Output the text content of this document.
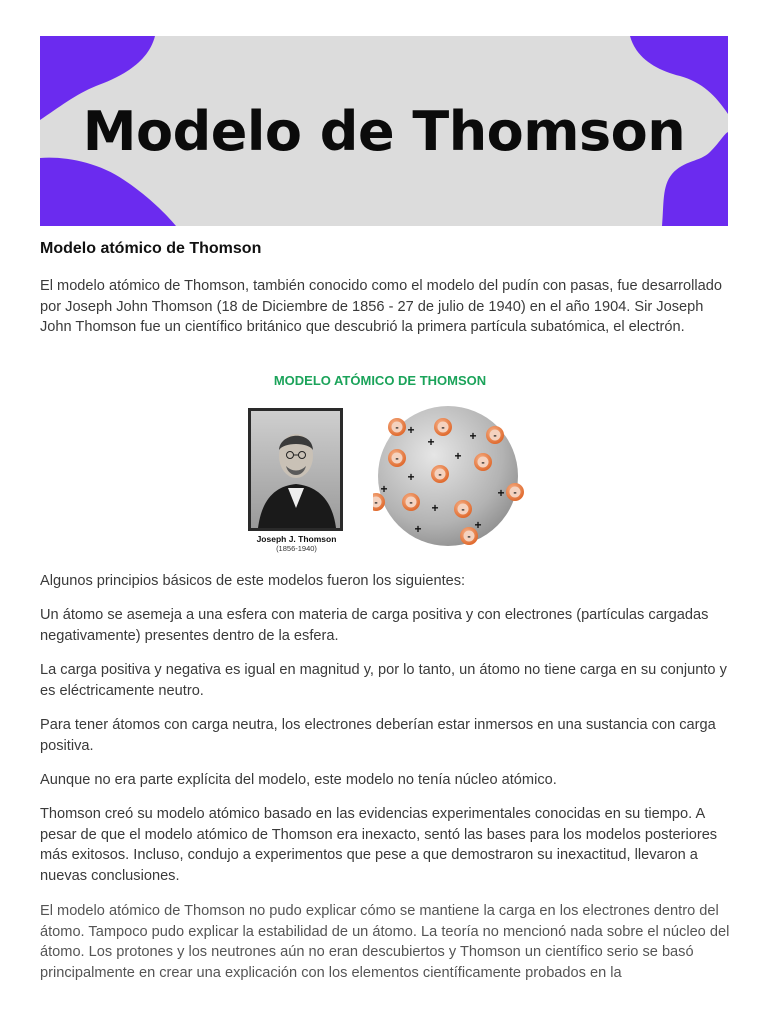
Modelo de Thomson
Modelo atómico de Thomson

El modelo atómico de Thomson, también conocido como el modelo del pudín con pasas, fue desarrollado por Joseph John Thomson (18 de Diciembre de 1856 - 27 de julio de 1940) en el año 1904. Sir Joseph John Thomson fue un científico británico que descubrió la primera partícula subatómica, el electrón.

MODELO ATÓMICO DE THOMSON
Joseph J. Thomson
(1856-1940)
-	-
-
-
-
-
-
-
-
-
-
+	+
+
+
+
+	+
+
+	+

Algunos principios básicos de este modelos fueron los siguientes:

Un átomo se asemeja a una esfera con materia de carga positiva y con electrones (partículas cargadas negativamente) presentes dentro de la esfera.

La carga positiva y negativa es igual en magnitud y, por lo tanto, un átomo no tiene carga en su conjunto y es eléctricamente neutro.

Para tener átomos con carga neutra, los electrones deberían estar inmersos en una sustancia con carga positiva.

Aunque no era parte explícita del modelo, este modelo no tenía núcleo atómico.

Thomson creó su modelo atómico basado en las evidencias experimentales conocidas en su tiempo. A pesar de que el modelo atómico de Thomson era inexacto, sentó las bases para los modelos posteriores más exitosos. Incluso, condujo a experimentos que pese a que demostraron su inexactitud, llevaron a nuevas conclusiones.

El modelo atómico de Thomson no pudo explicar cómo se mantiene la carga en los electrones dentro del átomo. Tampoco pudo explicar la estabilidad de un átomo. La teoría no mencionó nada sobre el núcleo del átomo. Los protones y los neutrones aún no eran descubiertos y Thomson un científico serio se basó principalmente en crear una explicación con los elementos científicamente probados en la
